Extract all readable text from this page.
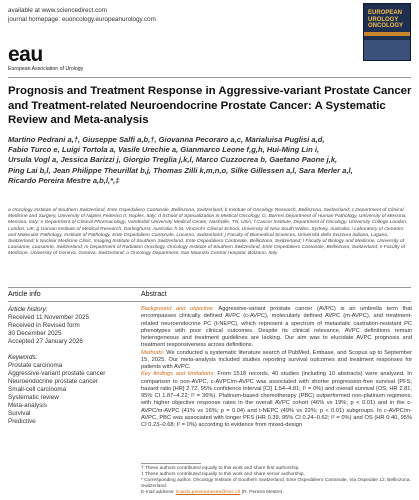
available at www.sciencedirect.com
journal homepage: euoncology.europeanurology.com
EUROPEAN
UROLOGY
ONCOLOGY
eau
European Association of Urology
Prognosis and Treatment Response in Aggressive-variant Prostate Cancer and Treatment-related Neuroendocrine Prostate Cancer: A Systematic Review and Meta-analysis
Martino Pedrani a,†, Giuseppe Salfi a,b,†, Giovanna Pecoraro a,c, Marialuisa Puglisi a,d,
Fabio Turco e, Luigi Tortola a, Vasile Urechie a, Gianmarco Leone f,g,h, Hui-Ming Lin i,
Ursula Vogl a, Jessica Barizzi j, Giorgio Treglia j,k,l, Marco Cuzzocrea b, Gaetano Paone j,k,
Ping Lai b,l, Jean Philippe Theurillat b,j, Thomas Zilli k,m,n,o, Silke Gillessen a,l, Sara Merler a,l,
Ricardo Pereira Mestre a,b,l,*,‡
a Oncology Institute of Southern Switzerland, Ente Ospedaliero Cantonale, Bellinzona, Switzerland; b Institute of Oncology Research, Bellinzona, Switzerland; c Department of Clinical Medicine and Surgery, University of Naples Federico II, Naples, Italy; d School of Specialization in Medical Oncology, G. Barresi Department of Human Pathology, University of Messina, Messina, Italy; e Department of Clinical Pharmacology, Vanderbilt University Medical Center, Nashville, TN, USA; f Cancer Institute, Department of Oncology, University College London, London, UK; g Garvan Institute of Medical Research, Darlinghurst, Australia; h St. Vincent's Clinical School, University of New South Wales, Sydney, Australia; i Laboratory of Genetics and Molecular Pathology, Institute of Pathology, Ente Ospedaliero Cantonale, Locarno, Switzerland; j Faculty of Biomedical Sciences, Università della Svizzera italiana, Lugano, Switzerland; k Nuclear Medicine Clinic, Imaging Institute of Southern Switzerland, Ente Ospedaliero Cantonale, Bellinzona, Switzerland; l Faculty of Biology and Medicine, University of Lausanne, Lausanne, Switzerland; m Department of Radiation Oncology, Oncology Institute of Southern Switzerland, Ente Ospedaliero Cantonale, Bellinzona, Switzerland; n Faculty of Medicine, University of Geneva, Geneva, Switzerland; o Oncology Department, San Maurizio Central Hospital, Bolzano, Italy
Article info	Abstract
Article history:
Received 11 November 2025
Received in Revised form
30 December 2025
Accepted 27 January 2026
Keywords:
Prostate carcinoma
Aggressive-variant prostate cancer
Neuroendocrine prostate cancer
Small-cell carcinoma
Systematic review
Meta-analysis
Survival
Predictive
Background and objective: Aggressive-variant prostate cancer (AVPC) is an umbrella term that encompasses clinically defined AVPC (c-AVPC), molecularly defined AVPC (m-AVPC), and treatment-related neuroendocrine PC (t-NEPC), which represent a spectrum of metastatic castration-resistant PC phenotypes with poor clinical outcomes. Despite its clinical relevance, AVPC definitions remain heterogeneous and treatment guidelines are lacking. Our aim was to elucidate AVPC prognosis and treatment responsiveness across definitions.
Methods: We conducted a systematic literature search of PubMed, Embase, and Scopus up to September 15, 2025. Our meta-analysis included studies reporting survival outcomes and treatment responses for patients with AVPC.
Key findings and limitations: From 1518 records, 40 studies (including 10 abstracts) were analyzed. In comparison to non-AVPC, c-AVPC/m-AVPC was associated with shorter progression-free survival (PFS; hazard ratio [HR] 2.72, 95% confidence interval [CI] 1.54–4.81; I² = 0%) and overall survival (OS; HR 2.81, 95% CI 1.87–4.22; I² = 36%). Platinum-based chemotherapy (PBC) outperformed non-platinum regimens, with higher objective response rates in the overall AVPC cohort (46% vs 19%; p < 0.01) and in the c-AVPC/m-AVPC (41% vs 16%; p = 0.04) and t-NEPC (49% vs 22%; p < 0.01) subgroups. In c-AVPC/m-AVPC, PBC was associated with longer PFS (HR 0.39, 95% CI 0.24–0.62; I² = 0%) and OS (HR 0.40, 95% CI 0.23–0.68; I² = 0%) according to evidence from mixed-design
† These authors contributed equally to this work and share first authorship.
‡ These authors contributed equally to this work and share senior authorship.
* Corresponding author. Oncology Institute of Southern Switzerland, Ente Ospedaliero Cantonale, Via Ospedale 12, Bellinzona, Switzerland.
E-mail address: ricardo.pereiramestre@eoc.ch (R. Pereira Mestre).
